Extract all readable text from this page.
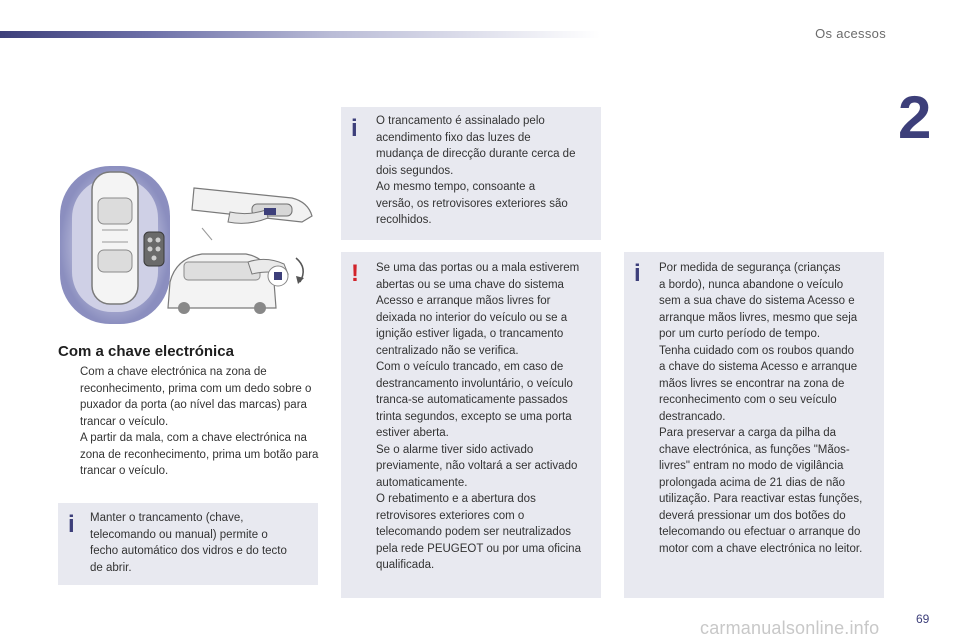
Os acessos
2
Com a chave electrónica
Com a chave electrónica na zona de reconhecimento, prima com um dedo sobre o puxador da porta (ao nível das marcas) para trancar o veículo.
A partir da mala, com a chave electrónica na zona de reconhecimento, prima um botão para trancar o veículo.
i O trancamento é assinalado pelo
acendimento fixo das luzes de
mudança de direcção durante cerca de
dois segundos.
Ao mesmo tempo, consoante a
versão, os retrovisores exteriores são
recolhidos.
! Se uma das portas ou a mala estiverem
abertas ou se uma chave do sistema
Acesso e arranque mãos livres for
deixada no interior do veículo ou se a
ignição estiver ligada, o trancamento
centralizado não se verifica.
Com o veículo trancado, em caso de
destrancamento involuntário, o veículo
tranca-se automaticamente passados
trinta segundos, excepto se uma porta
estiver aberta.
Se o alarme tiver sido activado
previamente, não voltará a ser activado
automaticamente.
O rebatimento e a abertura dos
retrovisores exteriores com o
telecomando podem ser neutralizados
pela rede PEUGEOT ou por uma oficina
qualificada.
i Por medida de segurança (crianças
a bordo), nunca abandone o veículo
sem a sua chave do sistema Acesso e
arranque mãos livres, mesmo que seja
por um curto período de tempo.
Tenha cuidado com os roubos quando
a chave do sistema Acesso e arranque
mãos livres se encontrar na zona de
reconhecimento com o seu veículo
destrancado.
Para preservar a carga da pilha da
chave electrónica, as funções "Mãos-
livres" entram no modo de vigilância
prolongada acima de 21 dias de não
utilização. Para reactivar estas funções,
deverá pressionar um dos botões do
telecomando ou efectuar o arranque do
motor com a chave electrónica no leitor.
i Manter o trancamento (chave,
telecomando ou manual) permite o
fecho automático dos vidros e do tecto
de abrir.
69
carmanualsonline.info
